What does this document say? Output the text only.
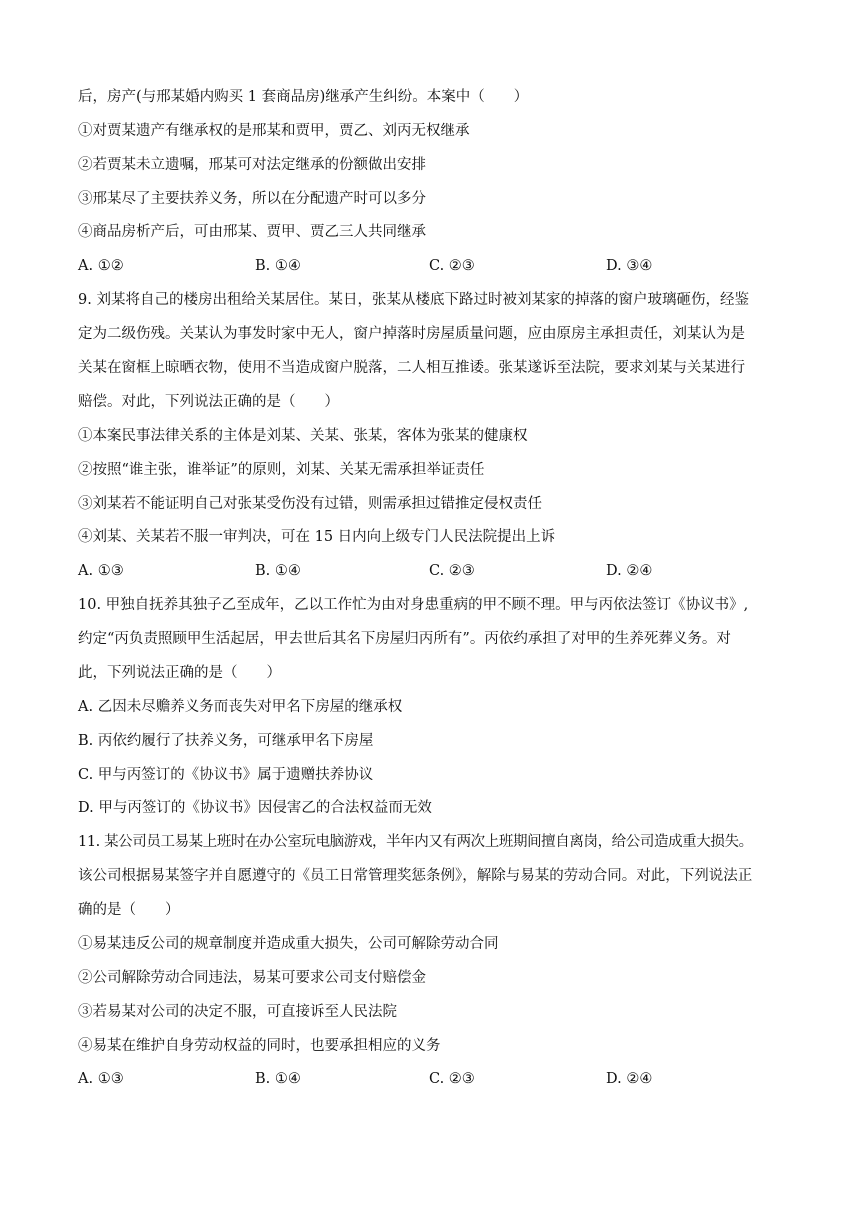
后，房产(与邢某婚内购买 1 套商品房)继承产生纠纷。本案中（　　）
①对贾某遗产有继承权的是邢某和贾甲，贾乙、刘丙无权继承
②若贾某未立遗嘱，邢某可对法定继承的份额做出安排
③邢某尽了主要扶养义务，所以在分配遗产时可以多分
④商品房析产后，可由邢某、贾甲、贾乙三人共同继承
A. ①②	B. ①④	C. ②③	D. ③④
9. 刘某将自己的楼房出租给关某居住。某日，张某从楼底下路过时被刘某家的掉落的窗户玻璃砸伤，经鉴
定为二级伤残。关某认为事发时家中无人，窗户掉落时房屋质量问题，应由原房主承担责任，刘某认为是
关某在窗框上晾晒衣物，使用不当造成窗户脱落，二人相互推诿。张某遂诉至法院，要求刘某与关某进行
赔偿。对此，下列说法正确的是（　　）
①本案民事法律关系的主体是刘某、关某、张某，客体为张某的健康权
②按照“谁主张，谁举证”的原则，刘某、关某无需承担举证责任
③刘某若不能证明自己对张某受伤没有过错，则需承担过错推定侵权责任
④刘某、关某若不服一审判决，可在 15 日内向上级专门人民法院提出上诉
A. ①③	B. ①④	C. ②③	D. ②④
10. 甲独自抚养其独子乙至成年，乙以工作忙为由对身患重病的甲不顾不理。甲与丙依法签订《协议书》,
约定“丙负责照顾甲生活起居，甲去世后其名下房屋归丙所有”。丙依约承担了对甲的生养死葬义务。对
此，下列说法正确的是（　　）
A. 乙因未尽赡养义务而丧失对甲名下房屋的继承权
B. 丙依约履行了扶养义务，可继承甲名下房屋
C. 甲与丙签订的《协议书》属于遗赠扶养协议
D. 甲与丙签订的《协议书》因侵害乙的合法权益而无效
11. 某公司员工易某上班时在办公室玩电脑游戏，半年内又有两次上班期间擅自离岗，给公司造成重大损失。
该公司根据易某签字并自愿遵守的《员工日常管理奖惩条例》，解除与易某的劳动合同。对此，下列说法正
确的是（　　）
①易某违反公司的规章制度并造成重大损失，公司可解除劳动合同
②公司解除劳动合同违法，易某可要求公司支付赔偿金
③若易某对公司的决定不服，可直接诉至人民法院
④易某在维护自身劳动权益的同时，也要承担相应的义务
A. ①③	B. ①④	C. ②③	D. ②④
